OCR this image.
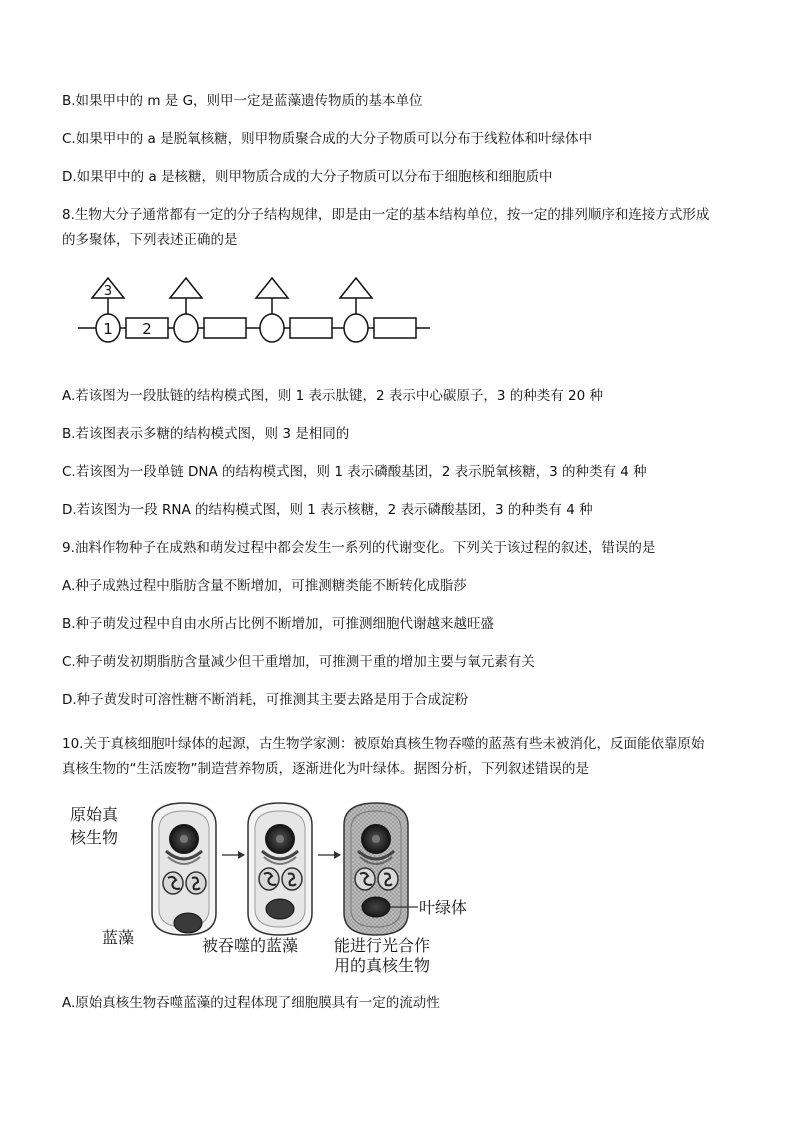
B.如果甲中的 m 是 G，则甲一定是蓝藻遗传物质的基本单位
C.如果甲中的 a 是脱氧核糖，则甲物质聚合成的大分子物质可以分布于线粒体和叶绿体中
D.如果甲中的 a 是核糖，则甲物质合成的大分子物质可以分布于细胞核和细胞质中
8.生物大分子通常都有一定的分子结构规律，即是由一定的基本结构单位，按一定的排列顺序和连接方式形成
的多聚体，下列表述正确的是
3
1 2
A.若该图为一段肽链的结构模式图，则 1 表示肽键，2 表示中心碳原子，3 的种类有 20 种
B.若该图表示多糖的结构模式图，则 3 是相同的
C.若该图为一段单链 DNA 的结构模式图，则 1 表示磷酸基团，2 表示脱氧核糖，3 的种类有 4 种
D.若该图为一段 RNA 的结构模式图，则 1 表示核糖，2 表示磷酸基团，3 的种类有 4 种
9.油料作物种子在成熟和萌发过程中都会发生一系列的代谢变化。下列关于该过程的叙述，错误的是
A.种子成熟过程中脂肪含量不断增加，可推测糖类能不断转化成脂莎
B.种子萌发过程中自由水所占比例不断增加，可推测细胞代谢越来越旺盛
C.种子萌发初期脂肪含量减少但干重增加，可推测干重的增加主要与氧元素有关
D.种子黄发时可溶性糖不断消耗，可推测其主要去路是用于合成淀粉
10.关于真核细胞叶绿体的起源，古生物学家测：被原始真核生物吞噬的蓝蒸有些未被消化，反面能依靠原始
真核生物的“生活废物”制造营养物质，逐渐进化为叶绿体。据图分析，下列叙述错误的是
原始真
核生物
蓝藻	被吞噬的蓝藻
叶绿体
能进行光合作
用的真核生物
A.原始真核生物吞噬蓝藻的过程体现了细胞膜具有一定的流动性
